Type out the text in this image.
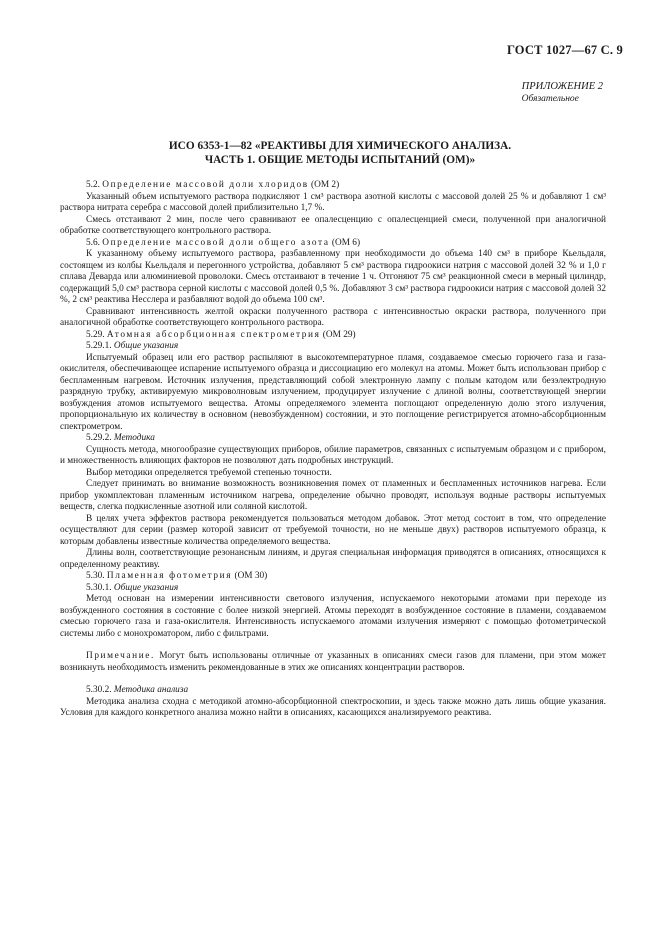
ГОСТ 1027—67 С. 9
ПРИЛОЖЕНИЕ 2
Обязательное
ИСО 6353-1—82 «РЕАКТИВЫ ДЛЯ ХИМИЧЕСКОГО АНАЛИЗА.
ЧАСТЬ 1. ОБЩИЕ МЕТОДЫ ИСПЫТАНИЙ (ОМ)»

5.2. Определение массовой доли хлоридов (ОМ 2)

Указанный объем испытуемого раствора подкисляют 1 см³ раствора азотной кислоты с массовой долей 25 % и добавляют 1 см³ раствора нитрата серебра с массовой долей приблизительно 1,7 %.

Смесь отстаивают 2 мин, после чего сравнивают ее опалесценцию с опалесценцией смеси, полученной при аналогичной обработке соответствующего контрольного раствора.

5.6. Определение массовой доли общего азота (ОМ 6)

К указанному объему испытуемого раствора, разбавленному при необходимости до объема 140 см³ в приборе Кьельдаля, состоящем из колбы Кьельдаля и перегонного устройства, добавляют 5 см³ раствора гидроокиси натрия с массовой долей 32 % и 1,0 г сплава Деварда или алюминиевой проволоки. Смесь отстаивают в течение 1 ч. Отгоняют 75 см³ реакционной смеси в мерный цилиндр, содержащий 5,0 см³ раствора серной кислоты с массовой долей 0,5 %. Добавляют 3 см³ раствора гидроокиси натрия с массовой долей 32 %, 2 см³ реактива Несслера и разбавляют водой до объема 100 см³.

Сравнивают интенсивность желтой окраски полученного раствора с интенсивностью окраски раствора, полученного при аналогичной обработке соответствующего контрольного раствора.

5.29. Атомная абсорбционная спектрометрия (ОМ 29)

5.29.1. Общие указания

Испытуемый образец или его раствор распыляют в высокотемпературное пламя, создаваемое смесью горючего газа и газа-окислителя, обеспечивающее испарение испытуемого образца и диссоциацию его молекул на атомы. Может быть использован прибор с беспламенным нагревом. Источник излучения, представляющий собой электронную лампу с полым катодом или безэлектродную разрядную трубку, активируемую микроволновым излучением, продуцирует излучение с длиной волны, соответствующей энергии возбуждения атомов испытуемого вещества. Атомы определяемого элемента поглощают определенную долю этого излучения, пропорциональную их количеству в основном (невозбужденном) состоянии, и это поглощение регистрируется атомно-абсорбционным спектрометром.

5.29.2. Методика

Сущность метода, многообразие существующих приборов, обилие параметров, связанных с испытуемым образцом и с прибором, и множественность влияющих факторов не позволяют дать подробных инструкций.

Выбор методики определяется требуемой степенью точности.

Следует принимать во внимание возможность возникновения помех от пламенных и беспламенных источников нагрева. Если прибор укомплектован пламенным источником нагрева, определение обычно проводят, используя водные растворы испытуемых веществ, слегка подкисленные азотной или соляной кислотой.

В целях учета эффектов раствора рекомендуется пользоваться методом добавок. Этот метод состоит в том, что определение осуществляют для серии (размер которой зависит от требуемой точности, но не меньше двух) растворов испытуемого образца, к которым добавлены известные количества определяемого вещества.

Длины волн, соответствующие резонансным линиям, и другая специальная информация приводятся в описаниях, относящихся к определенному реактиву.

5.30. Пламенная фотометрия (ОМ 30)

5.30.1. Общие указания

Метод основан на измерении интенсивности светового излучения, испускаемого некоторыми атомами при переходе из возбужденного состояния в состояние с более низкой энергией. Атомы переходят в возбужденное состояние в пламени, создаваемом смесью горючего газа и газа-окислителя. Интенсивность испускаемого атомами излучения измеряют с помощью фотометрической системы либо с монохроматором, либо с фильтрами.

Примечание. Могут быть использованы отличные от указанных в описаниях смеси газов для пламени, при этом может возникнуть необходимость изменить рекомендованные в этих же описаниях концентрации растворов.

5.30.2. Методика анализа

Методика анализа сходна с методикой атомно-абсорбционной спектроскопии, и здесь также можно дать лишь общие указания. Условия для каждого конкретного анализа можно найти в описаниях, касающихся анализируемого реактива.
